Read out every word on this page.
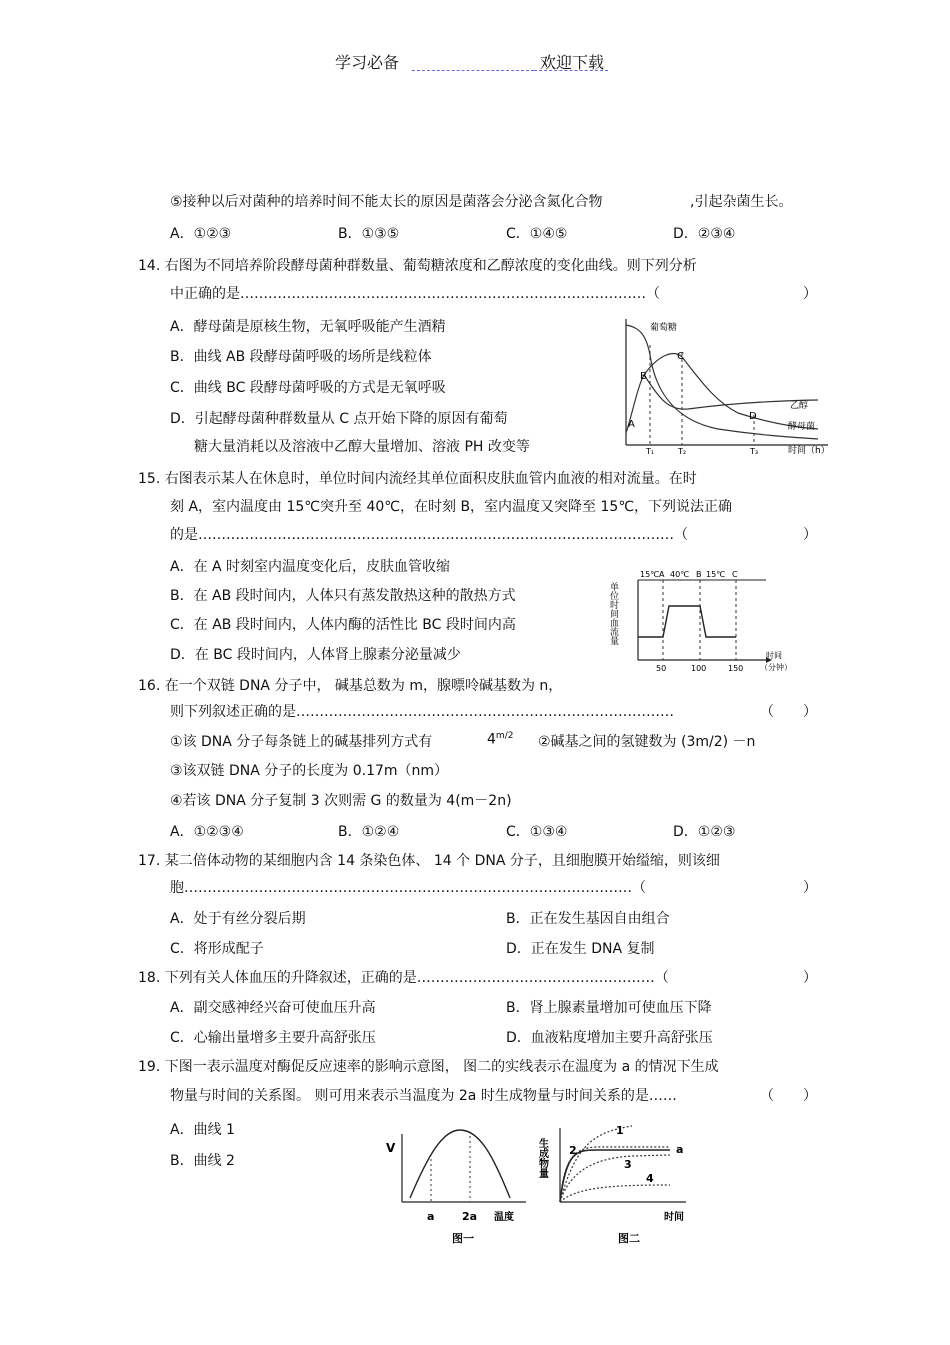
学习必备	欢迎下载
⑤接种以后对菌种的培养时间不能太长的原因是菌落会分泌含氮化合物	,引起杂菌生长。
A．①②③	B．①③⑤	C．①④⑤	D．②③④
14. 右图为不同培养阶段酵母菌种群数量、葡萄糖浓度和乙醇浓度的变化曲线。则下列分析
中正确的是……………………………………………………………………………（	）
A．酵母菌是原核生物，无氧呼吸能产生酒精
B．曲线 AB 段酵母菌呼吸的场所是线粒体
C．曲线 BC 段酵母菌呼吸的方式是无氧呼吸
D．引起酵母菌种群数量从 C 点开始下降的原因有葡萄
糖大量消耗以及溶液中乙醇大量增加、溶液 PH 改变等
葡萄糖
乙醇
酵母菌
时间（h）
A
B
C
D
T₁	T₂	T₃
15. 右图表示某人在休息时，单位时间内流经其单位面积皮肤血管内血液的相对流量。在时
刻 A，室内温度由 15℃突升至 40℃，在时刻 B，室内温度又突降至 15℃，下列说法正确
的是…………………………………………………………………………………………（	）
A．在 A 时刻室内温度变化后，皮肤血管收缩
B．在 AB 段时间内，人体只有蒸发散热这种的散热方式
C．在 AB 段时间内，人体内酶的活性比 BC 段时间内高
D．在 BC 段时间内，人体肾上腺素分泌量减少
单位时间血流量
15℃ A 40℃ B 15℃ C
50	100	150
时间
（分钟）
16. 在一个双链 DNA 分子中， 碱基总数为 m，腺嘌呤碱基数为 n，
则下列叙述正确的是………………………………………………………………………	（ ）
①该 DNA 分子每条链上的碱基排列方式有	$4^{m/2}$ ②碱基之间的氢键数为 (3m/2) －n
③该双链 DNA 分子的长度为 0.17m（nm）
④若该 DNA 分子复制 3 次则需 G 的数量为 4(m－2n)
A．①②③④	B．①②④	C．①③④	D．①②③
17. 某二倍体动物的某细胞内含 14 条染色体、 14 个 DNA 分子，且细胞膜开始缢缩，则该细
胞……………………………………………………………………………………（	）
A．处于有丝分裂后期	B．正在发生基因自由组合
C．将形成配子	D．正在发生 DNA 复制
18. 下列有关人体血压的升降叙述，正确的是……………………………………………（	）
A．副交感神经兴奋可使血压升高	B．肾上腺素量增加可使血压下降
C．心输出量增多主要升高舒张压	D．血液粘度增加主要升高舒张压
19. 下图一表示温度对酶促反应速率的影响示意图， 图二的实线表示在温度为 a 的情况下生成
物量与时间的关系图。 则可用来表示当温度为 2a 时生成物量与时间关系的是……	（ ）
A．曲线 1
B．曲线 2
V
a	2a 温度
图一
生成物量
1
2
3
4
a
时间
图二
